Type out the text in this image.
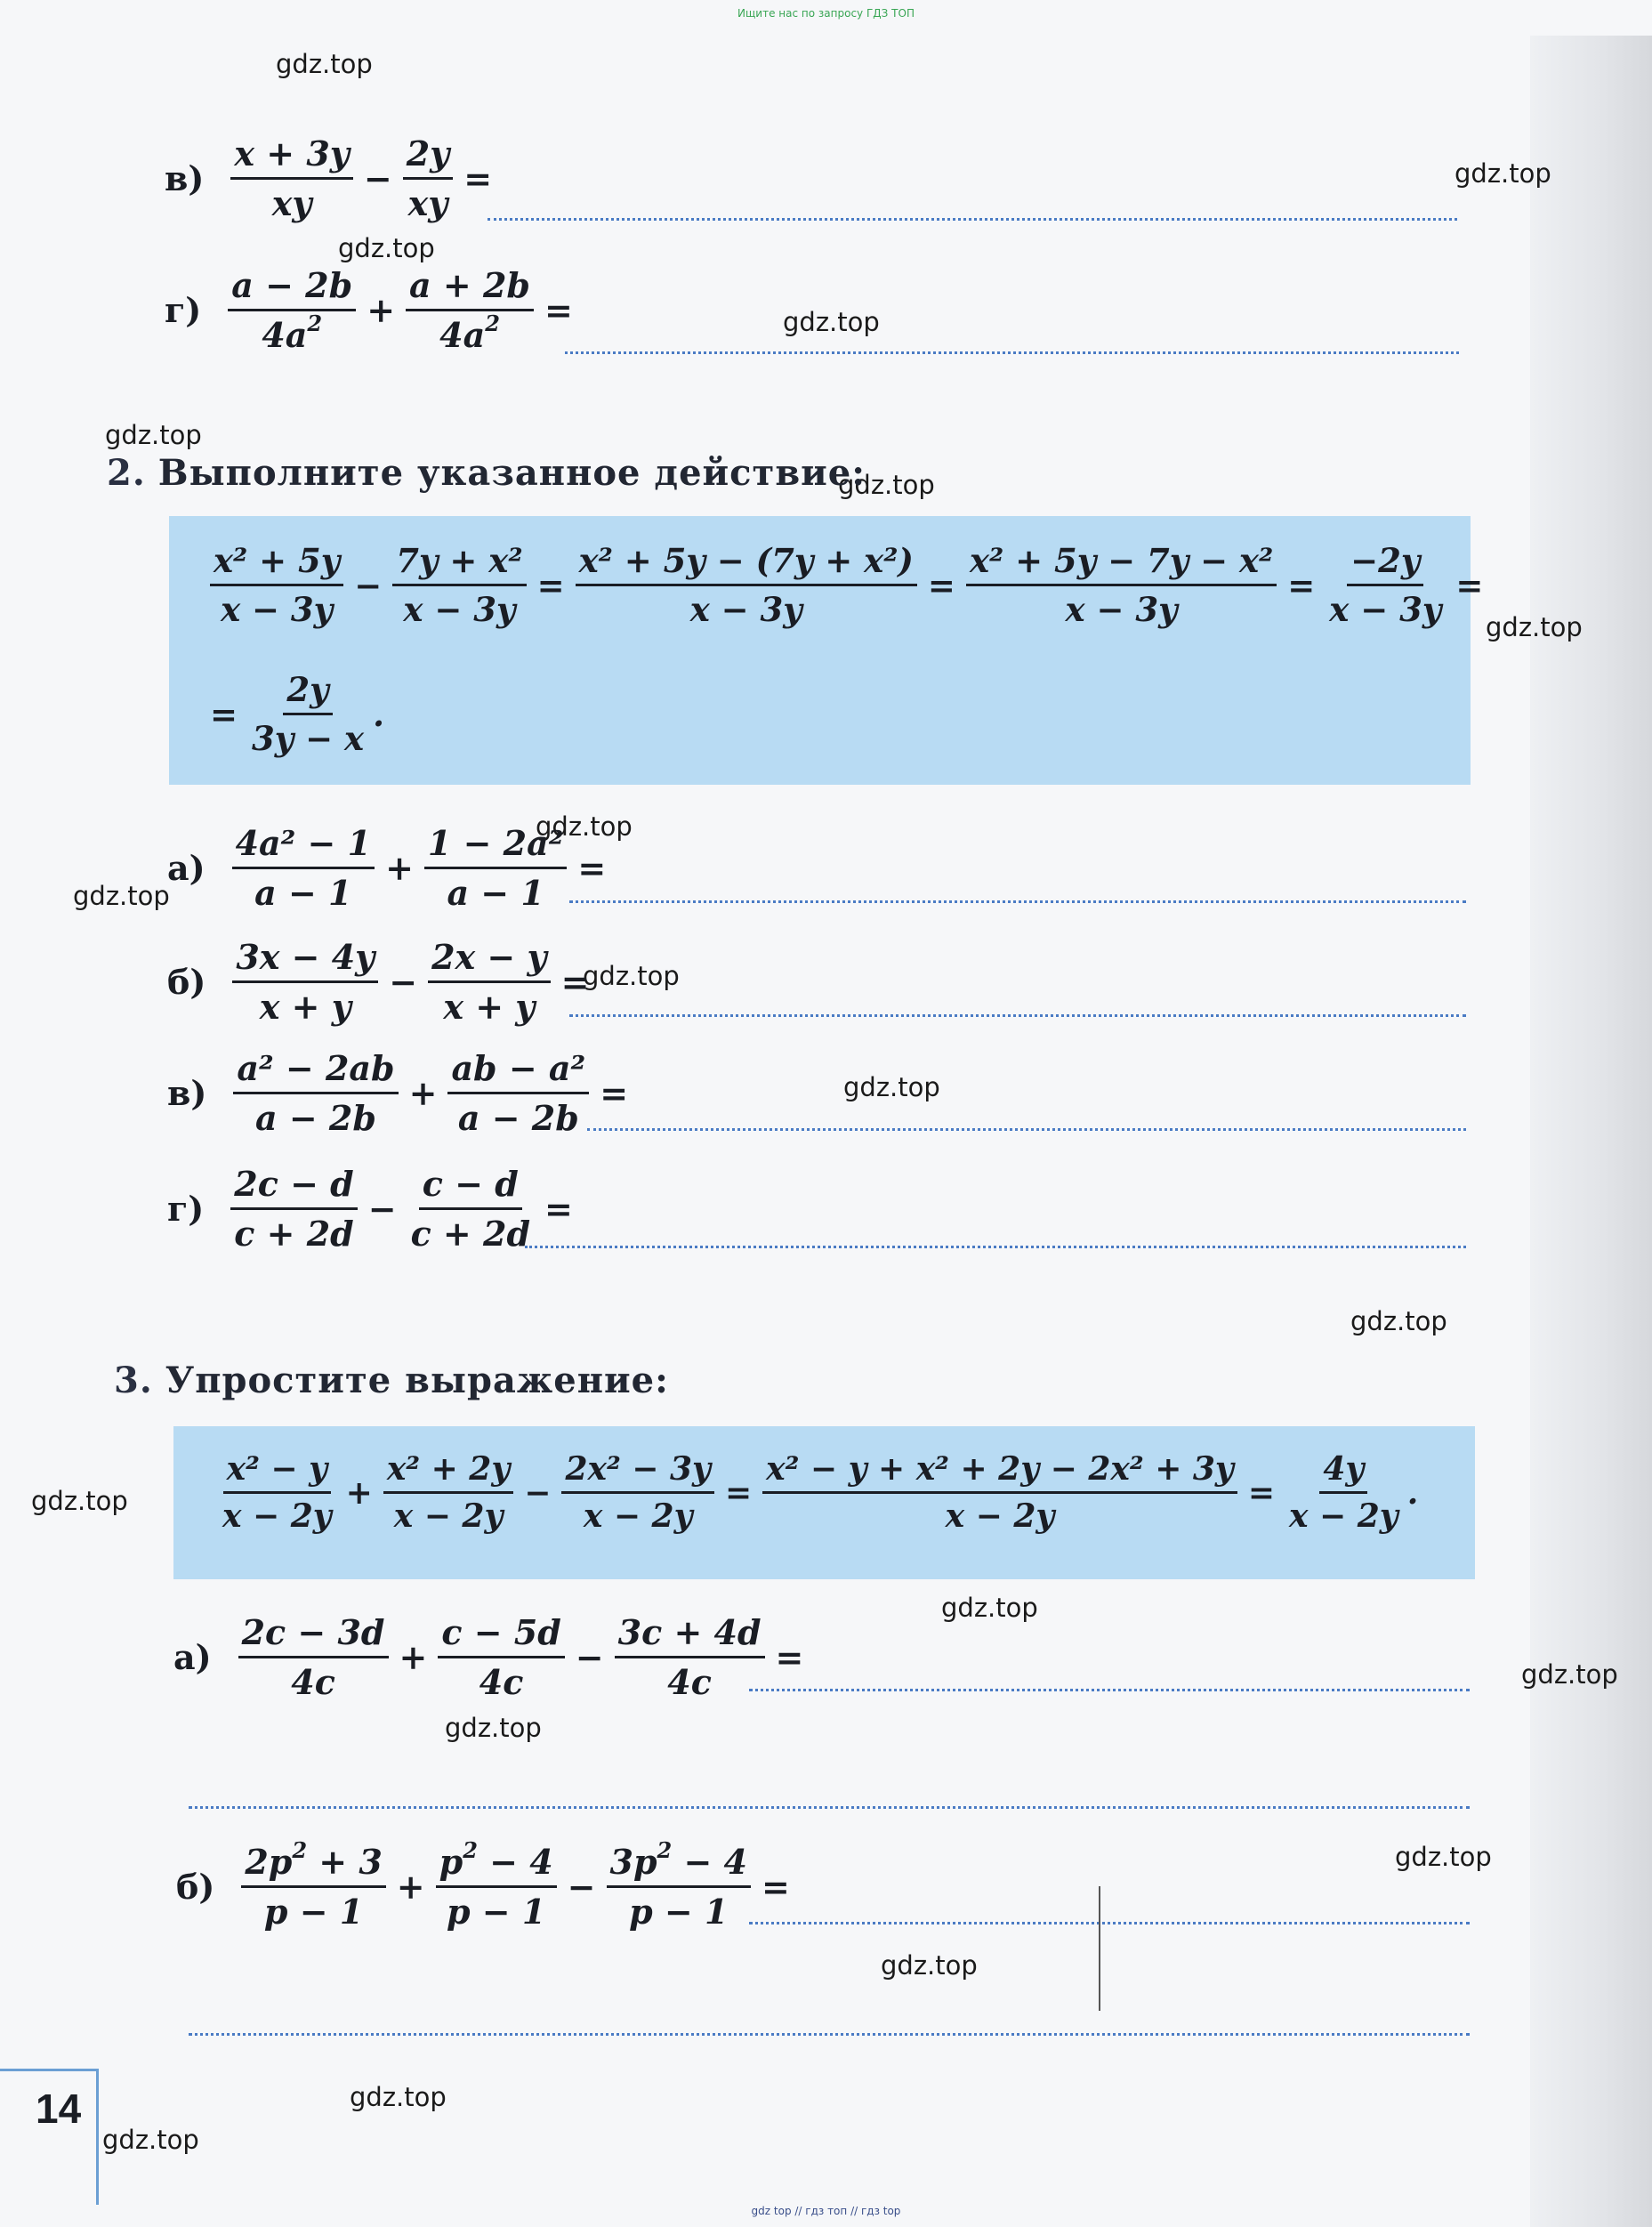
Ищите нас по запросу ГДЗ ТОП
gdz.top
gdz.top
gdz.top
gdz.top
gdz.top
gdz.top
gdz.top
gdz.top
gdz.top
gdz.top
gdz.top
gdz.top
gdz.top
gdz.top
gdz.top
gdz.top
gdz.top
gdz.top
gdz.top
gdz.top
$в) \frac{x + 3y}{xy} - \frac{2y}{xy}$ =
$г) \frac{a - 2b}{4a^2} + \frac{a + 2b}{4a^2}$ =
2. Выполните указанное действие:
$\frac{\text{x² + 5y}}{x - 3y} - \frac{\text{7y + x²}}{x - 3y} = \frac{\text{x² + 5y − (7y + x²)}}{x - 3y} = \frac{\text{x² + 5y − 7y − x²}}{x - 3y} = \frac{-2y}{x - 3y}$ =
= $\frac{2y}{3y - x}$ .
$а) \frac{\text{4a² − 1}}{a - 1} + \frac{\text{1 − 2a²}}{a - 1}$ =
$б) \frac{3x - 4y}{x + y} - \frac{2x - y}{x + y}$ =
$в) \frac{\text{a² − 2ab}}{a - 2b} + \frac{\text{ab − a²}}{a - 2b}$ =
$г) \frac{2c - d}{c + 2d} - \frac{c - d}{c + 2d}$ =
3. Упростите выражение:
$\frac{\text{x² − y}}{x - 2y} + \frac{\text{x² + 2y}}{x - 2y} - \frac{\text{2x² − 3y}}{x - 2y} = \frac{\text{x² − y + x² + 2y − 2x² + 3y}}{x - 2y} = \frac{4y}{x - 2y}$ .
$а) \frac{2c - 3d}{4c} + \frac{c - 5d}{4c} - \frac{3c + 4d}{4c}$ =
$б) \frac{2p^2 + 3}{p - 1} + \frac{p^2 - 4}{p - 1} - \frac{3p^2 - 4}{p - 1}$ =
14
gdz top // гдз топ // гдз top
